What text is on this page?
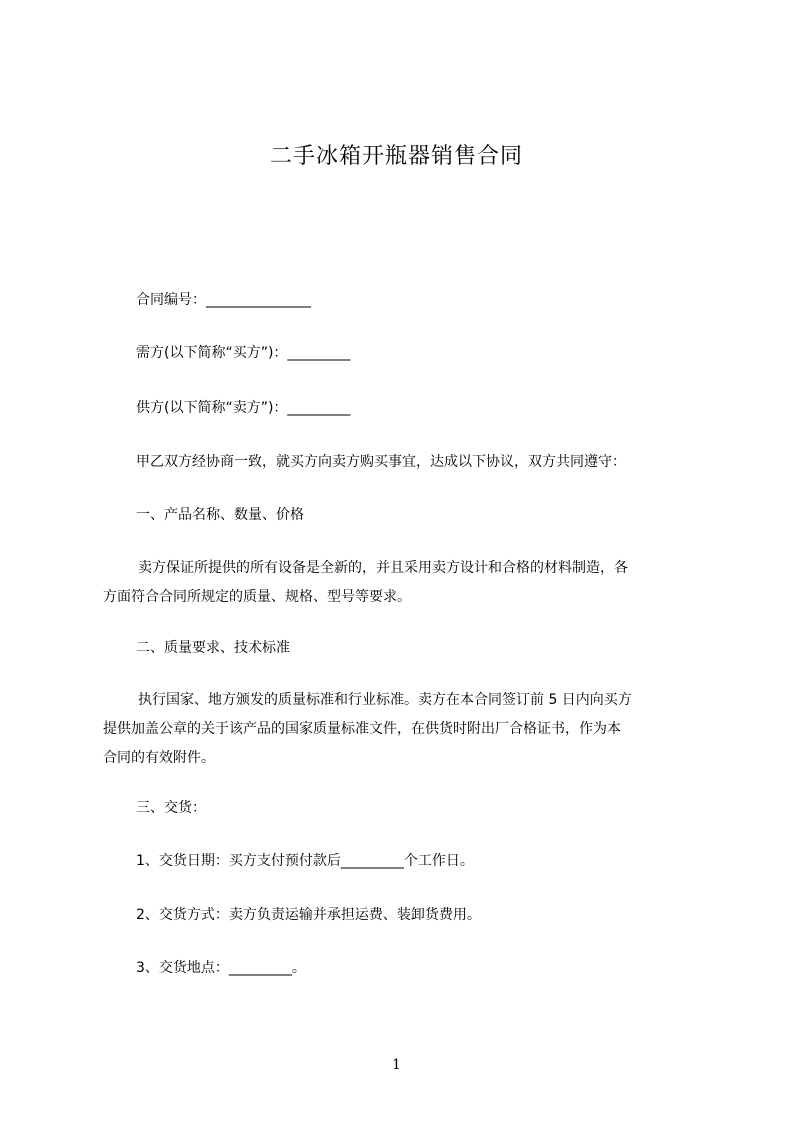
二手冰箱开瓶器销售合同
合同编号：_______________
需方(以下简称“买方”)：_________
供方(以下简称“卖方”)：_________
甲乙双方经协商一致，就买方向卖方购买事宜，达成以下协议，双方共同遵守：
一、产品名称、数量、价格
卖方保证所提供的所有设备是全新的，并且采用卖方设计和合格的材料制造，各
方面符合合同所规定的质量、规格、型号等要求。
二、质量要求、技术标准
执行国家、地方颁发的质量标准和行业标准。卖方在本合同签订前 5 日内向买方
提供加盖公章的关于该产品的国家质量标准文件，在供货时附出厂合格证书，作为本
合同的有效附件。
三、交货：
1、交货日期：买方支付预付款后_________个工作日。
2、交货方式：卖方负责运输并承担运费、装卸货费用。
3、交货地点：_________。
1
